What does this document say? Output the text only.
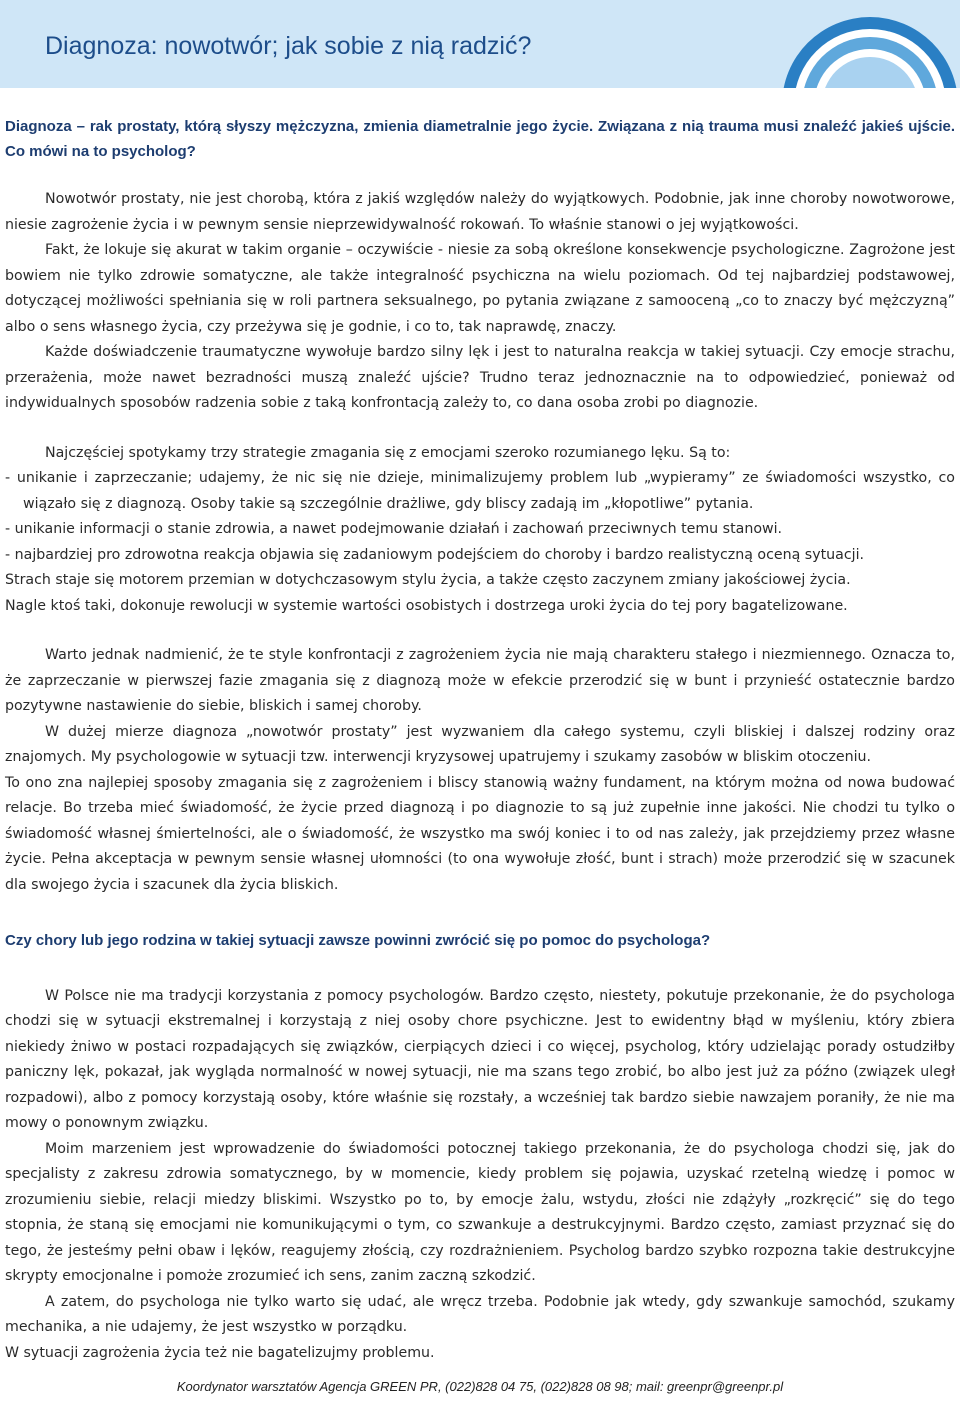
Diagnoza: nowotwór; jak sobie z nią radzić?

Diagnoza – rak prostaty, którą słyszy mężczyzna, zmienia diametralnie jego życie. Związana z nią trauma musi znaleźć jakieś ujście. Co mówi na to psycholog?

Nowotwór prostaty, nie jest chorobą, która z jakiś względów należy do wyjątkowych. Podobnie, jak inne choroby nowotworowe, niesie zagrożenie życia i w pewnym sensie nieprzewidywalność rokowań. To właśnie stanowi o jej wyjątkowości.

Fakt, że lokuje się akurat w takim organie – oczywiście - niesie za sobą określone konsekwencje psychologiczne. Zagrożone jest bowiem nie tylko zdrowie somatyczne, ale także integralność psychiczna na wielu poziomach. Od tej najbardziej podstawowej, dotyczącej możliwości spełniania się w roli partnera seksualnego, po pytania związane z samooceną „co to znaczy być mężczyzną” albo o sens własnego życia, czy przeżywa się je godnie, i co to, tak naprawdę, znaczy.

Każde doświadczenie traumatyczne wywołuje bardzo silny lęk i jest to naturalna reakcja w takiej sytuacji. Czy emocje strachu, przerażenia, może nawet bezradności muszą znaleźć ujście? Trudno teraz jednoznacznie na to odpowiedzieć, ponieważ od indywidualnych sposobów radzenia sobie z taką konfrontacją zależy to, co dana osoba zrobi po diagnozie.

Najczęściej spotykamy trzy strategie zmagania się z emocjami szeroko rozumianego lęku. Są to:

- unikanie i zaprzeczanie; udajemy, że nic się nie dzieje, minimalizujemy problem lub „wypieramy” ze świadomości wszystko, co wiązało się z diagnozą. Osoby takie są szczególnie drażliwe, gdy bliscy zadają im „kłopotliwe” pytania.

- unikanie informacji o stanie zdrowia, a nawet podejmowanie działań i zachowań przeciwnych temu stanowi.

- najbardziej pro zdrowotna reakcja objawia się zadaniowym podejściem do choroby i bardzo realistyczną oceną sytuacji.

Strach staje się motorem przemian w dotychczasowym stylu życia, a także często zaczynem zmiany jakościowej życia.

Nagle ktoś taki, dokonuje rewolucji w systemie wartości osobistych i dostrzega uroki życia do tej pory bagatelizowane.

Warto jednak nadmienić, że te style konfrontacji z zagrożeniem życia nie mają charakteru stałego i niezmiennego. Oznacza to, że zaprzeczanie w pierwszej fazie zmagania się z diagnozą może w efekcie przerodzić się w bunt i przynieść ostatecznie bardzo pozytywne nastawienie do siebie, bliskich i samej choroby.

W dużej mierze diagnoza „nowotwór prostaty” jest wyzwaniem dla całego systemu, czyli bliskiej i dalszej rodziny oraz znajomych. My psychologowie w sytuacji tzw. interwencji kryzysowej upatrujemy i szukamy zasobów w bliskim otoczeniu.

To ono zna najlepiej sposoby zmagania się z zagrożeniem i bliscy stanowią ważny fundament, na którym można od nowa budować relacje. Bo trzeba mieć świadomość, że życie przed diagnozą i po diagnozie to są już zupełnie inne jakości. Nie chodzi tu tylko o świadomość własnej śmiertelności, ale o świadomość, że wszystko ma swój koniec i to od nas zależy, jak przejdziemy przez własne życie. Pełna akceptacja w pewnym sensie własnej ułomności (to ona wywołuje złość, bunt i strach) może przerodzić się w szacunek dla swojego życia i szacunek dla życia bliskich.

Czy chory lub jego rodzina w takiej sytuacji zawsze powinni zwrócić się po pomoc do psychologa?

W Polsce nie ma tradycji korzystania z pomocy psychologów. Bardzo często, niestety, pokutuje przekonanie, że do psychologa chodzi się w sytuacji ekstremalnej i korzystają z niej osoby chore psychiczne. Jest to ewidentny błąd w myśleniu, który zbiera niekiedy żniwo w postaci rozpadających się związków, cierpiących dzieci i co więcej, psycholog, który udzielając porady ostudziłby paniczny lęk, pokazał, jak wygląda normalność w nowej sytuacji, nie ma szans tego zrobić, bo albo jest już za późno (związek uległ rozpadowi), albo z pomocy korzystają osoby, które właśnie się rozstały, a wcześniej tak bardzo siebie nawzajem poraniły, że nie ma mowy o ponownym związku.

Moim marzeniem jest wprowadzenie do świadomości potocznej takiego przekonania, że do psychologa chodzi się, jak do specjalisty z zakresu zdrowia somatycznego, by w momencie, kiedy problem się pojawia, uzyskać rzetelną wiedzę i pomoc w zrozumieniu siebie, relacji miedzy bliskimi. Wszystko po to, by emocje żalu, wstydu, złości nie zdążyły „rozkręcić” się do tego stopnia, że staną się emocjami nie komunikującymi o tym, co szwankuje a destrukcyjnymi. Bardzo często, zamiast przyznać się do tego, że jesteśmy pełni obaw i lęków, reagujemy złością, czy rozdrażnieniem. Psycholog bardzo szybko rozpozna takie destrukcyjne skrypty emocjonalne i pomoże zrozumieć ich sens, zanim zaczną szkodzić.

A zatem, do psychologa nie tylko warto się udać, ale wręcz trzeba. Podobnie jak wtedy, gdy szwankuje samochód, szukamy mechanika, a nie udajemy, że jest wszystko w porządku.

W sytuacji zagrożenia życia też nie bagatelizujmy problemu.

Koordynator warsztatów Agencja GREEN PR, (022)828 04 75, (022)828 08 98; mail: greenpr@greenpr.pl
